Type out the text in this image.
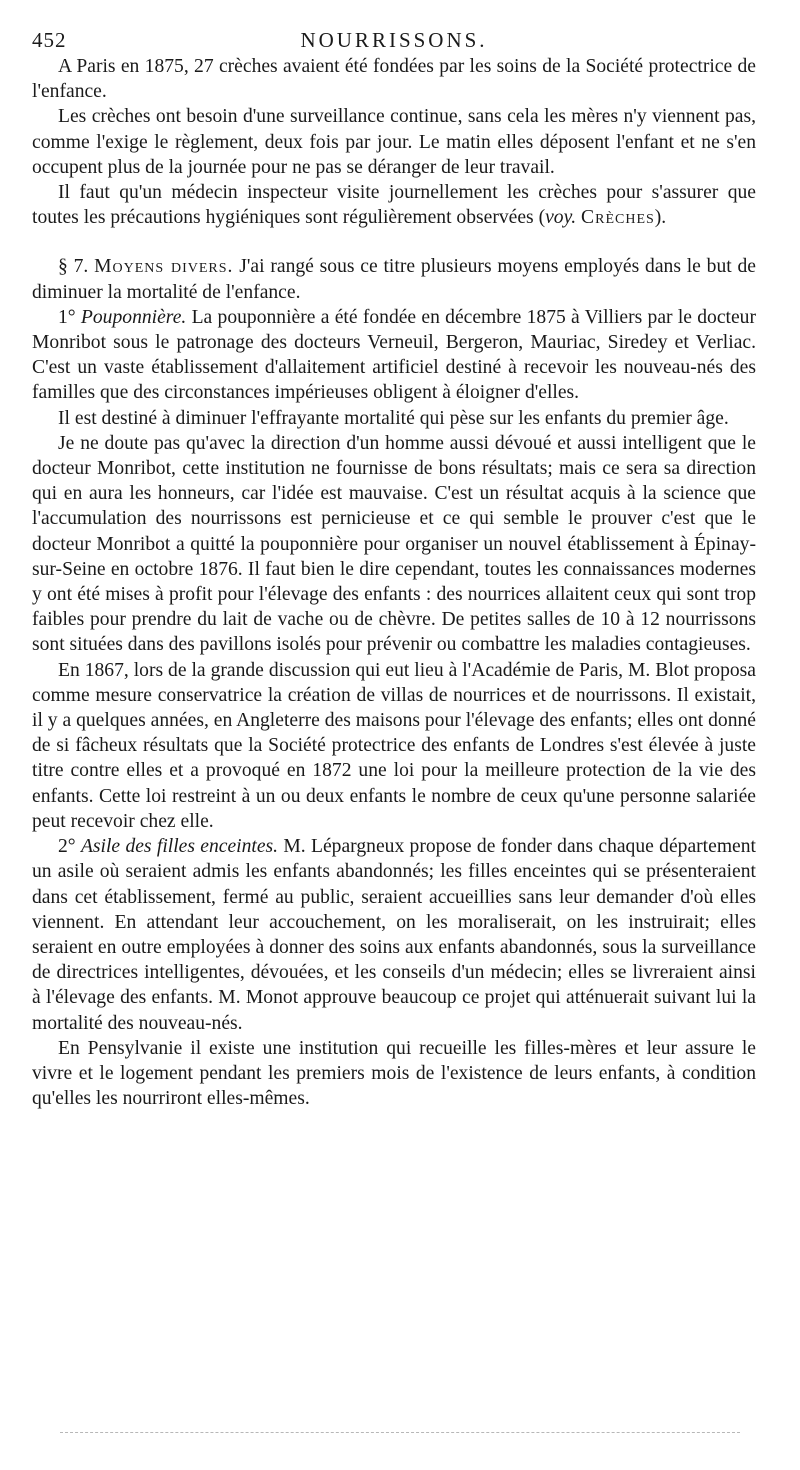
452	NOURRISSONS.

A Paris en 1875, 27 crèches avaient été fondées par les soins de la Société protectrice de l'enfance.

Les crèches ont besoin d'une surveillance continue, sans cela les mères n'y viennent pas, comme l'exige le règlement, deux fois par jour. Le matin elles déposent l'enfant et ne s'en occupent plus de la journée pour ne pas se déranger de leur travail.

Il faut qu'un médecin inspecteur visite journellement les crèches pour s'assurer que toutes les précautions hygiéniques sont régulièrement observées (voy. Crèches).

§ 7. Moyens divers. J'ai rangé sous ce titre plusieurs moyens employés dans le but de diminuer la mortalité de l'enfance.

1° Pouponnière. La pouponnière a été fondée en décembre 1875 à Villiers par le docteur Monribot sous le patronage des docteurs Verneuil, Bergeron, Mauriac, Siredey et Verliac. C'est un vaste établissement d'allaitement artificiel destiné à recevoir les nouveau-nés des familles que des circonstances impérieuses obligent à éloigner d'elles.

Il est destiné à diminuer l'effrayante mortalité qui pèse sur les enfants du premier âge.

Je ne doute pas qu'avec la direction d'un homme aussi dévoué et aussi intelligent que le docteur Monribot, cette institution ne fournisse de bons résultats; mais ce sera sa direction qui en aura les honneurs, car l'idée est mauvaise. C'est un résultat acquis à la science que l'accumulation des nourrissons est pernicieuse et ce qui semble le prouver c'est que le docteur Monribot a quitté la pouponnière pour organiser un nouvel établissement à Épinay-sur-Seine en octobre 1876. Il faut bien le dire cependant, toutes les connaissances modernes y ont été mises à profit pour l'élevage des enfants : des nourrices allaitent ceux qui sont trop faibles pour prendre du lait de vache ou de chèvre. De petites salles de 10 à 12 nourrissons sont situées dans des pavillons isolés pour prévenir ou combattre les maladies contagieuses.

En 1867, lors de la grande discussion qui eut lieu à l'Académie de Paris, M. Blot proposa comme mesure conservatrice la création de villas de nourrices et de nourrissons. Il existait, il y a quelques années, en Angleterre des maisons pour l'élevage des enfants; elles ont donné de si fâcheux résultats que la Société protectrice des enfants de Londres s'est élevée à juste titre contre elles et a provoqué en 1872 une loi pour la meilleure protection de la vie des enfants. Cette loi restreint à un ou deux enfants le nombre de ceux qu'une personne salariée peut recevoir chez elle.

2° Asile des filles enceintes. M. Lépargneux propose de fonder dans chaque département un asile où seraient admis les enfants abandonnés; les filles enceintes qui se présenteraient dans cet établissement, fermé au public, seraient accueillies sans leur demander d'où elles viennent. En attendant leur accouchement, on les moraliserait, on les instruirait; elles seraient en outre employées à donner des soins aux enfants abandonnés, sous la surveillance de directrices intelligentes, dévouées, et les conseils d'un médecin; elles se livreraient ainsi à l'élevage des enfants. M. Monot approuve beaucoup ce projet qui atténuerait suivant lui la mortalité des nouveau-nés.

En Pensylvanie il existe une institution qui recueille les filles-mères et leur assure le vivre et le logement pendant les premiers mois de l'existence de leurs enfants, à condition qu'elles les nourriront elles-mêmes.
